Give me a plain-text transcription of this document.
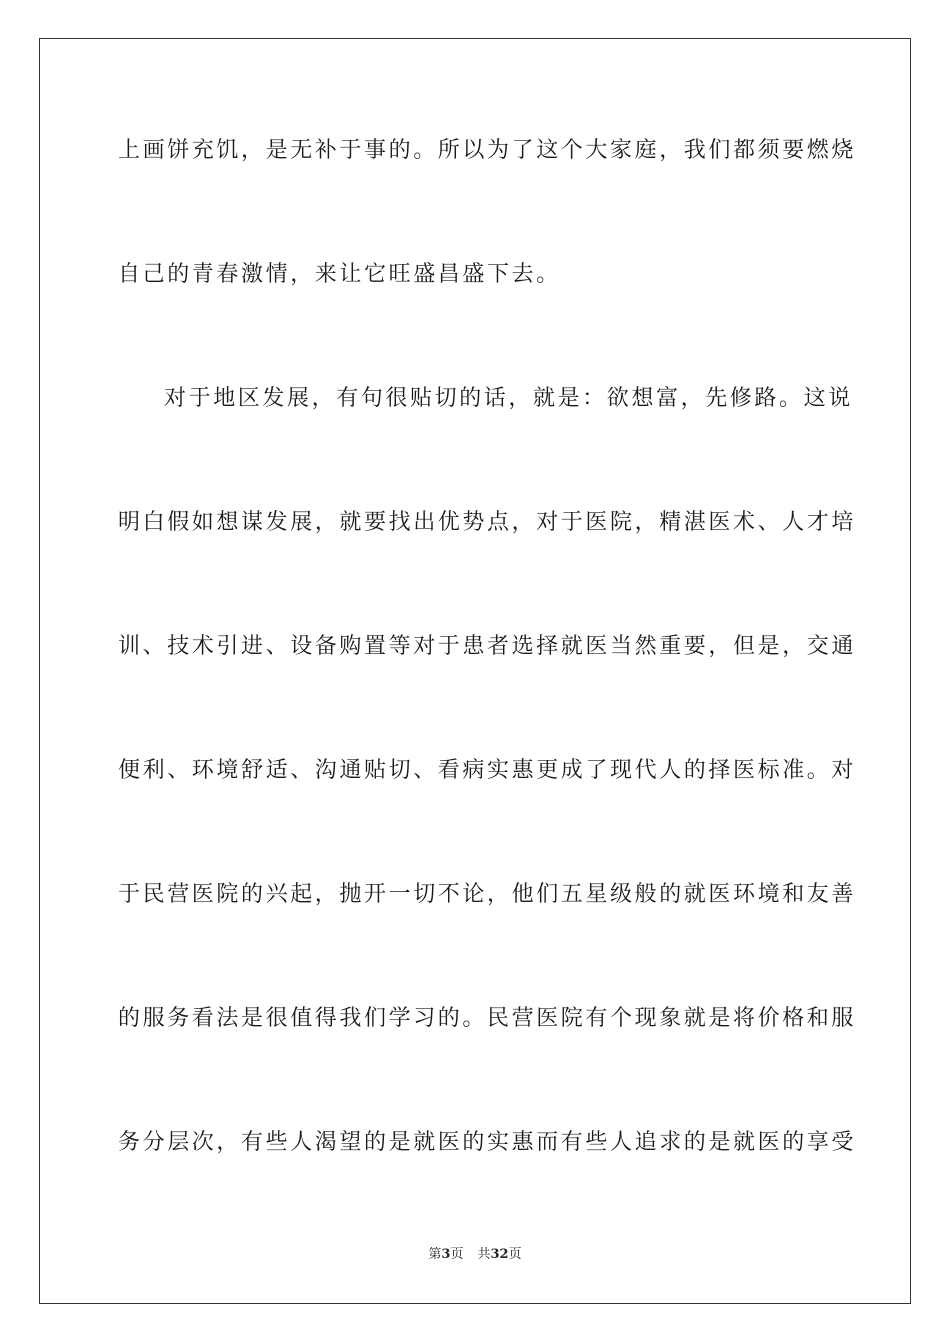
上画饼充饥，是无补于事的。所以为了这个大家庭，我们都须要燃烧
自己的青春激情，来让它旺盛昌盛下去。
对于地区发展，有句很贴切的话，就是：欲想富，先修路。这说
明白假如想谋发展，就要找出优势点，对于医院，精湛医术、人才培
训、技术引进、设备购置等对于患者选择就医当然重要，但是，交通
便利、环境舒适、沟通贴切、看病实惠更成了现代人的择医标准。对
于民营医院的兴起，抛开一切不论，他们五星级般的就医环境和友善
的服务看法是很值得我们学习的。民营医院有个现象就是将价格和服
务分层次，有些人渴望的是就医的实惠而有些人追求的是就医的享受
第3页 共32页
